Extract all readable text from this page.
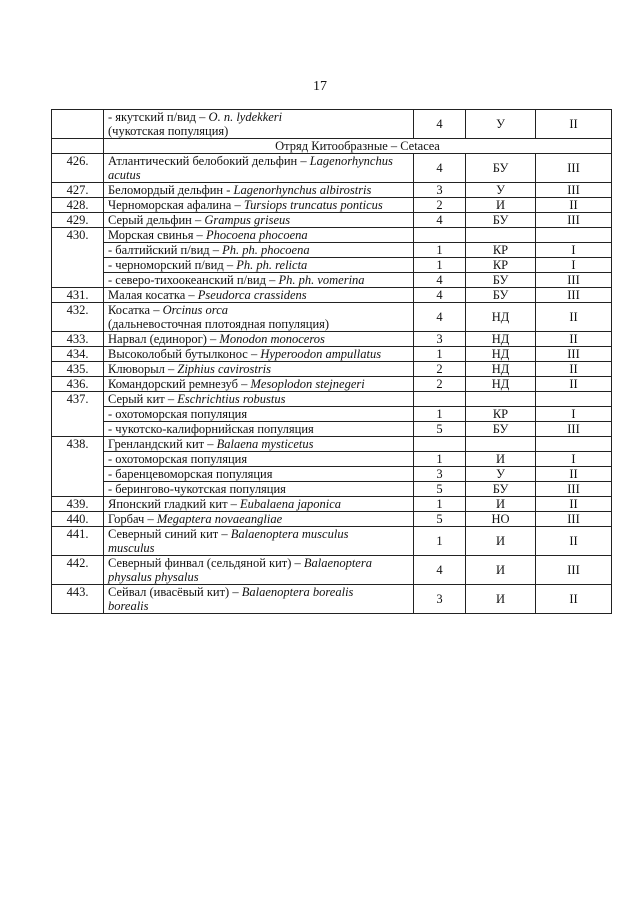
17

	- якутский п/вид – O. n. lydekkeri
(чукотская популяция)	4	У	II
	Отряд Китообразные – Cetacea			
426.	Атлантический белобокий дельфин – Lagenorhynchus
acutus	4	БУ	III
427.	Беломордый дельфин - Lagenorhynchus albirostris	3	У	III
428.	Черноморская афалина – Tursiops truncatus ponticus	2	И	II
429.	Серый дельфин – Grampus griseus	4	БУ	III
430.	Морская свинья – Phocoena phocoena			

	- балтийский п/вид – Ph. ph. phocoena	1	КР	I

	- черноморский п/вид – Ph. ph. relicta	1	КР	I

	- северо-тихоокеанский п/вид – Ph. ph. vomerina	4	БУ	III
431.	Малая косатка – Pseudorca crassidens	4	БУ	III
432.	Косатка – Orcinus orca
(дальневосточная плотоядная популяция)	4	НД	II
433.	Нарвал (единорог) – Monodon monoceros	3	НД	II
434.	Высоколобый бутылконос – Hyperoodon ampullatus	1	НД	III
435.	Клюворыл – Ziphius cavirostris	2	НД	II
436.	Командорский ремнезуб – Mesoplodon stejnegeri	2	НД	II
437.	Серый кит – Eschrichtius robustus			

	- охотоморская популяция	1	КР	I

	- чукотско-калифорнийская популяция	5	БУ	III
438.	Гренландский кит – Balaena mysticetus			

	- охотоморская популяция	1	И	I

	- баренцевоморская популяция	3	У	II

	- берингово-чукотская популяция	5	БУ	III
439.	Японский гладкий кит – Eubalaena japonica	1	И	II
440.	Горбач – Megaptera novaeangliae	5	НО	III
441.	Северный синий кит – Balaenoptera musculus
musculus	1	И	II
442.	Северный финвал (сельдяной кит) – Balaenoptera
physalus physalus	4	И	III
443.	Сейвал (ивасёвый кит) – Balaenoptera borealis
borealis	3	И	II
